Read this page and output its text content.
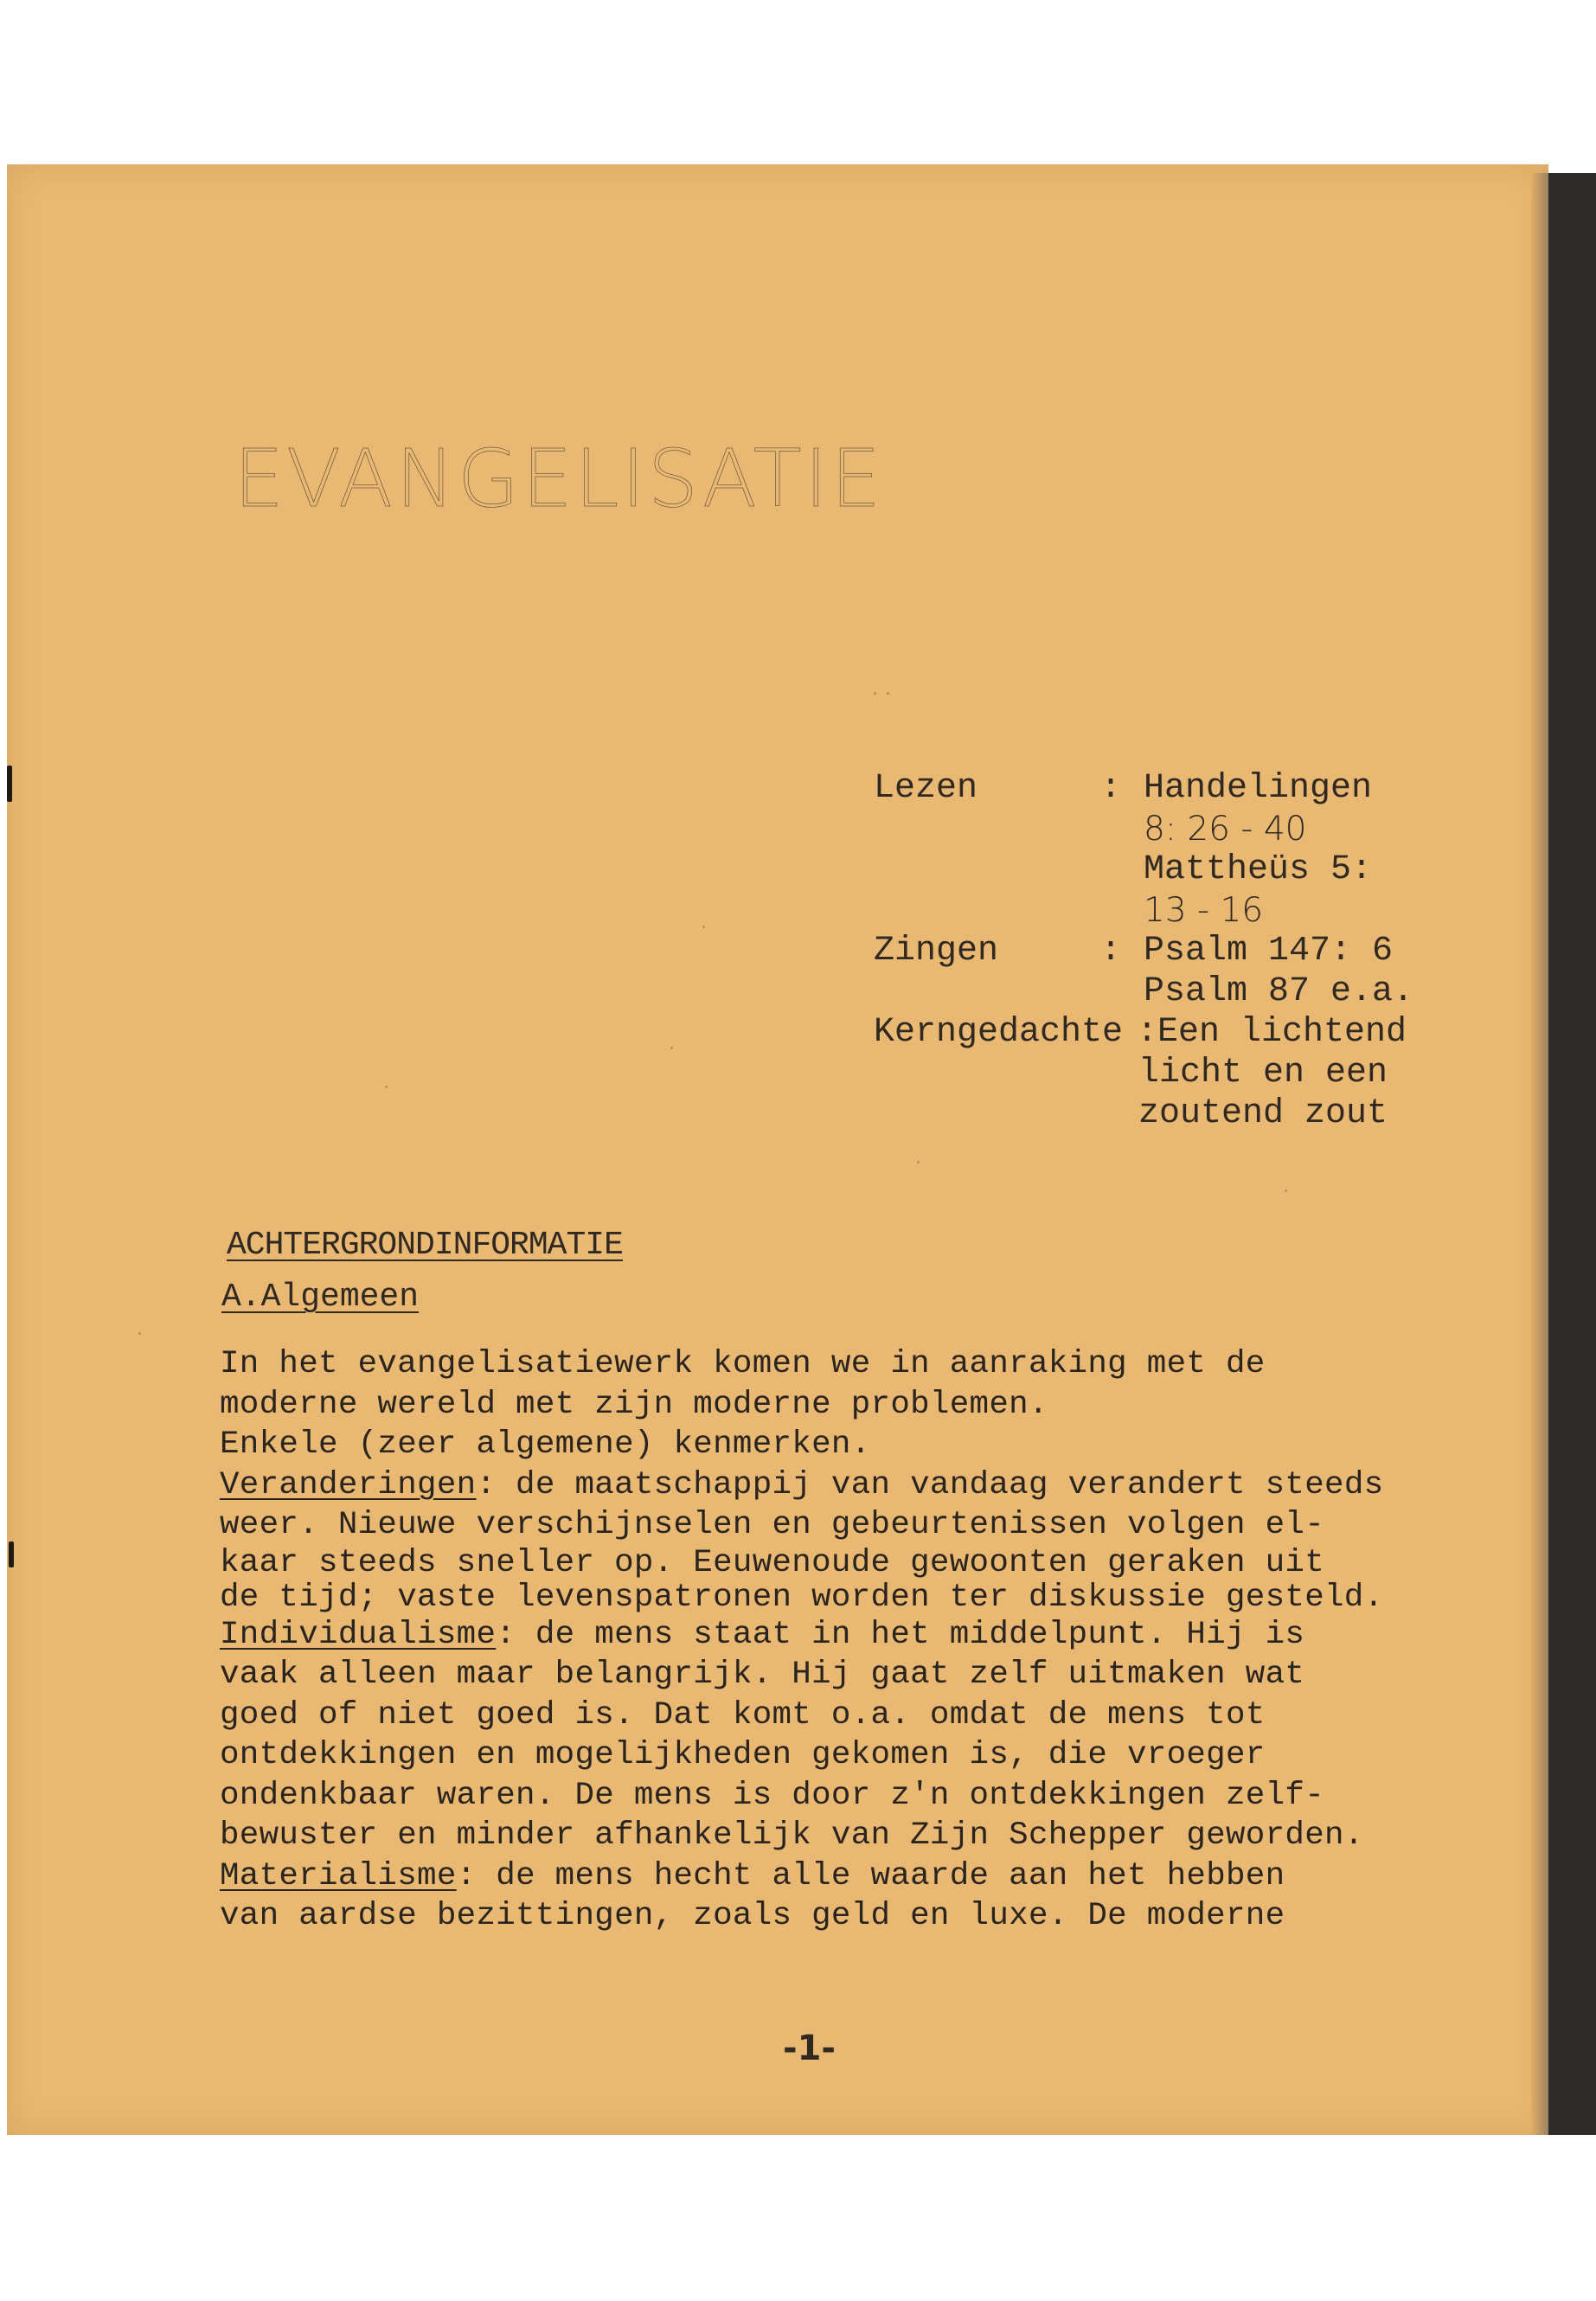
EVANGELISATIE
Lezen	: Handelingen
8: 26 - 40
Mattheüs 5:
13 - 16
Zingen	: Psalm 147: 6
Psalm 87 e.a.
Kerngedachte : Een lichtend
licht en een
zoutend zout
ACHTERGRONDINFORMATIE
A.Algemeen
In het evangelisatiewerk komen we in aanraking met de
moderne wereld met zijn moderne problemen.
Enkele (zeer algemene) kenmerken.
Veranderingen: de maatschappij van vandaag verandert steeds
weer. Nieuwe verschijnselen en gebeurtenissen volgen el-
kaar steeds sneller op. Eeuwenoude gewoonten geraken uit
de tijd; vaste levenspatronen worden ter diskussie gesteld.
Individualisme: de mens staat in het middelpunt. Hij is
vaak alleen maar belangrijk. Hij gaat zelf uitmaken wat
goed of niet goed is. Dat komt o.a. omdat de mens tot
ontdekkingen en mogelijkheden gekomen is, die vroeger
ondenkbaar waren. De mens is door z'n ontdekkingen zelf-
bewuster en minder afhankelijk van Zijn Schepper geworden.
Materialisme: de mens hecht alle waarde aan het hebben
van aardse bezittingen, zoals geld en luxe. De moderne
-1-
